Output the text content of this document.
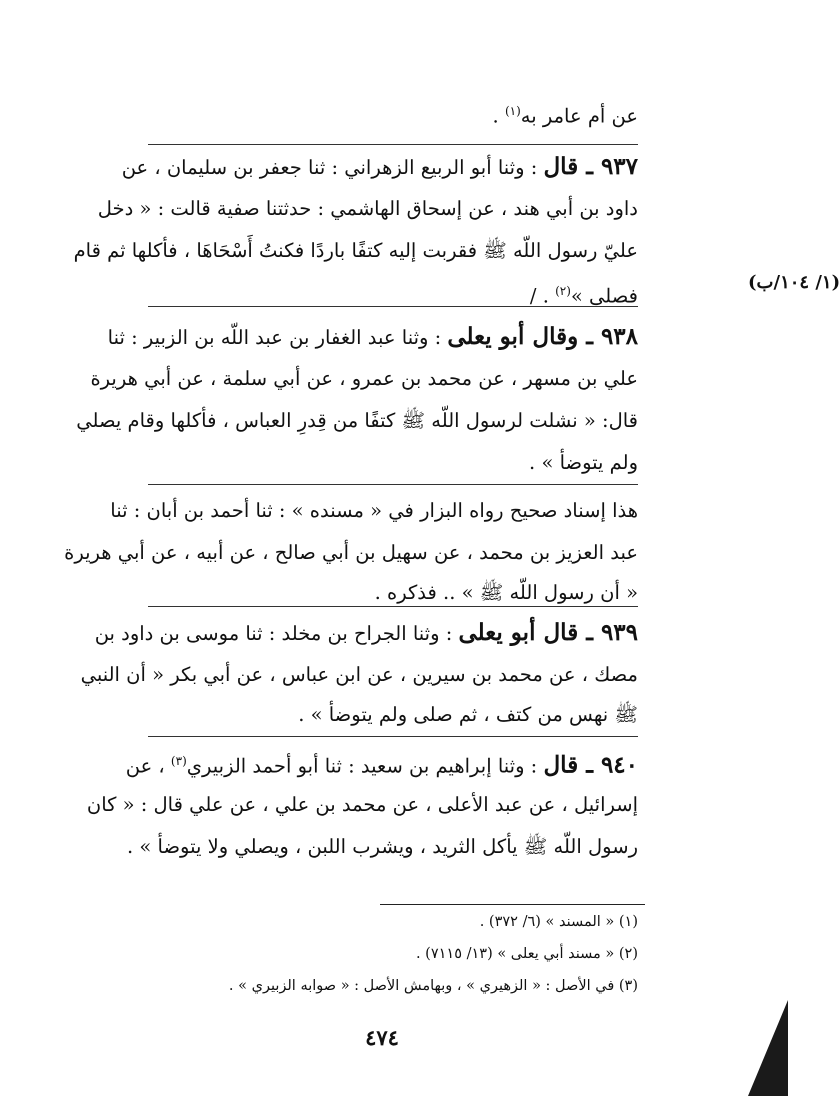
عن أم عامر به$^{(١)}$ .
٩٣٧ ـ قال : وثنا أبو الربيع الزهراني : ثنا جعفر بن سليمان ، عن
داود بن أبي هند ، عن إسحاق الهاشمي : حدثتنا صفية قالت : « دخل
عليّ رسول اللّه ﷺ فقربت إليه كتفًا باردًا فكنتُ أَسْحَاهَا ، فأكلها ثم قام
فصلى »$^{(٢)}$ . /
٩٣٨ ـ وقال أبو يعلى : وثنا عبد الغفار بن عبد اللّه بن الزبير : ثنا
علي بن مسهر ، عن محمد بن عمرو ، عن أبي سلمة ، عن أبي هريرة
قال: « نشلت لرسول اللّه ﷺ كتفًا من قِدرِ العباس ، فأكلها وقام يصلي
ولم يتوضأ » .
هذا إسناد صحيح رواه البزار في « مسنده » : ثنا أحمد بن أبان : ثنا
عبد العزيز بن محمد ، عن سهيل بن أبي صالح ، عن أبيه ، عن أبي هريرة
« أن رسول اللّه ﷺ » .. فذكره .
٩٣٩ ـ قال أبو يعلى : وثنا الجراح بن مخلد : ثنا موسى بن داود بن
مصك ، عن محمد بن سيرين ، عن ابن عباس ، عن أبي بكر « أن النبي
ﷺ نهس من كتف ، ثم صلى ولم يتوضأ » .
٩٤٠ ـ قال : وثنا إبراهيم بن سعيد : ثنا أبو أحمد الزبيري$^{(٣)}$ ، عن
إسرائيل ، عن عبد الأعلى ، عن محمد بن علي ، عن علي قال : « كان
رسول اللّه ﷺ يأكل الثريد ، ويشرب اللبن ، ويصلي ولا يتوضأ » .
(١/ ١٠٤/ب)
(١) « المسند » (٦/ ٣٧٢) .
(٢) « مسند أبي يعلى » (١٣/ ٧١١٥) .
(٣) في الأصل : « الزهيري » ، وبهامش الأصل : « صوابه الزبيري » .
٤٧٤
